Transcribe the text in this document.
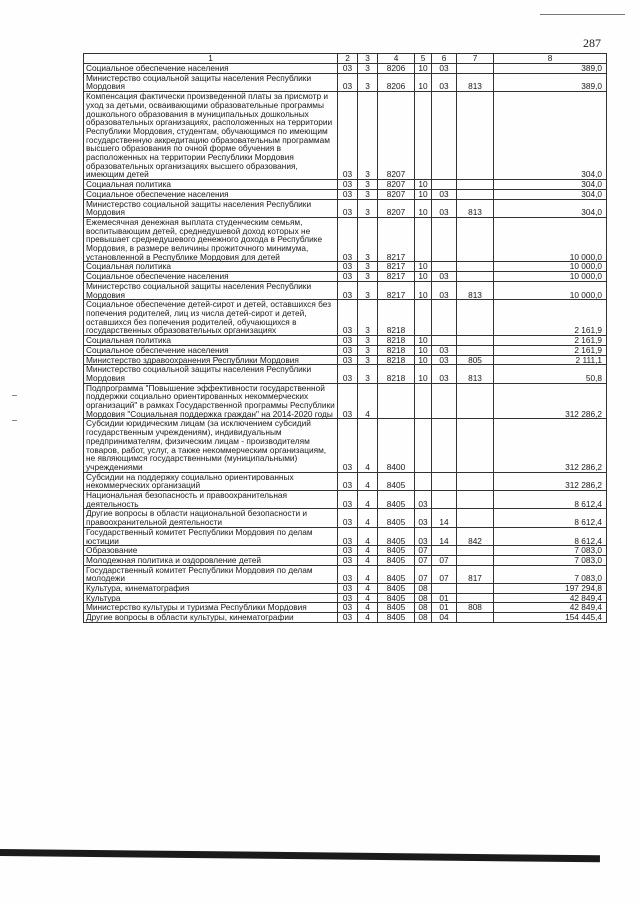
287
1	2	3	4	5	6	7	8
Социальное обеспечение населения	03	3	8206	10	03		389,0
Министерство социальной защиты населения Республики Мордовия	03	3	8206	10	03	813	389,0
Компенсация фактически произведенной платы за присмотр и уход за детьми, осваивающими образовательные программы дошкольного образования в муниципальных дошкольных образовательных организациях, расположенных на территории Республики Мордовия, студентам, обучающимся по имеющим государственную аккредитацию образовательным программам высшего образования по очной форме обучения в расположенных на территории Республики Мордовия образовательных организациях высшего образования, имеющим детей	03	3	8207				304,0
Социальная политика	03	3	8207	10			304,0
Социальное обеспечение населения	03	3	8207	10	03		304,0
Министерство социальной защиты населения Республики Мордовия	03	3	8207	10	03	813	304,0
Ежемесячная денежная выплата студенческим семьям, воспитывающим детей, среднедушевой доход которых не превышает среднедушевого денежного дохода в Республике Мордовия, в размере величины прожиточного минимума, установленной в Республике Мордовия для детей	03	3	8217				10 000,0
Социальная политика	03	3	8217	10			10 000,0
Социальное обеспечение населения	03	3	8217	10	03		10 000,0
Министерство социальной защиты населения Республики Мордовия	03	3	8217	10	03	813	10 000,0
Социальное обеспечение детей-сирот и детей, оставшихся без попечения родителей, лиц из числа детей-сирот и детей, оставшихся без попечения родителей, обучающихся в государственных образовательных организациях	03	3	8218				2 161,9
Социальная политика	03	3	8218	10			2 161,9
Социальное обеспечение населения	03	3	8218	10	03		2 161,9
Министерство здравоохранения Республики Мордовия	03	3	8218	10	03	805	2 111,1
Министерство социальной защиты населения Республики Мордовия	03	3	8218	10	03	813	50,8
Подпрограмма "Повышение эффективности государственной поддержки социально ориентированных некоммерческих организаций" в рамках Государственной программы Республики Мордовия "Социальная поддержка граждан" на 2014-2020 годы	03	4					312 286,2
Субсидии юридическим лицам (за исключением субсидий государственным учреждениям), индивидуальным предпринимателям, физическим лицам - производителям товаров, работ, услуг, а также некоммерческим организациям, не являющимся государственными (муниципальными) учреждениями	03	4	8400				312 286,2
Субсидии на поддержку социально ориентированных некоммерческих организаций	03	4	8405				312 286,2
Национальная безопасность и правоохранительная деятельность	03	4	8405	03			8 612,4
Другие вопросы в области национальной безопасности и правоохранительной деятельности	03	4	8405	03	14		8 612,4
Государственный комитет Республики Мордовия по делам юстиции	03	4	8405	03	14	842	8 612,4
Образование	03	4	8405	07			7 083,0
Молодежная политика и оздоровление детей	03	4	8405	07	07		7 083,0
Государственный комитет Республики Мордовия по делам молодежи	03	4	8405	07	07	817	7 083,0
Культура, кинематография	03	4	8405	08			197 294,8
Культура	03	4	8405	08	01		42 849,4
Министерство культуры и туризма Республики Мордовия	03	4	8405	08	01	808	42 849,4
Другие вопросы в области культуры, кинематографии	03	4	8405	08	04		154 445,4
